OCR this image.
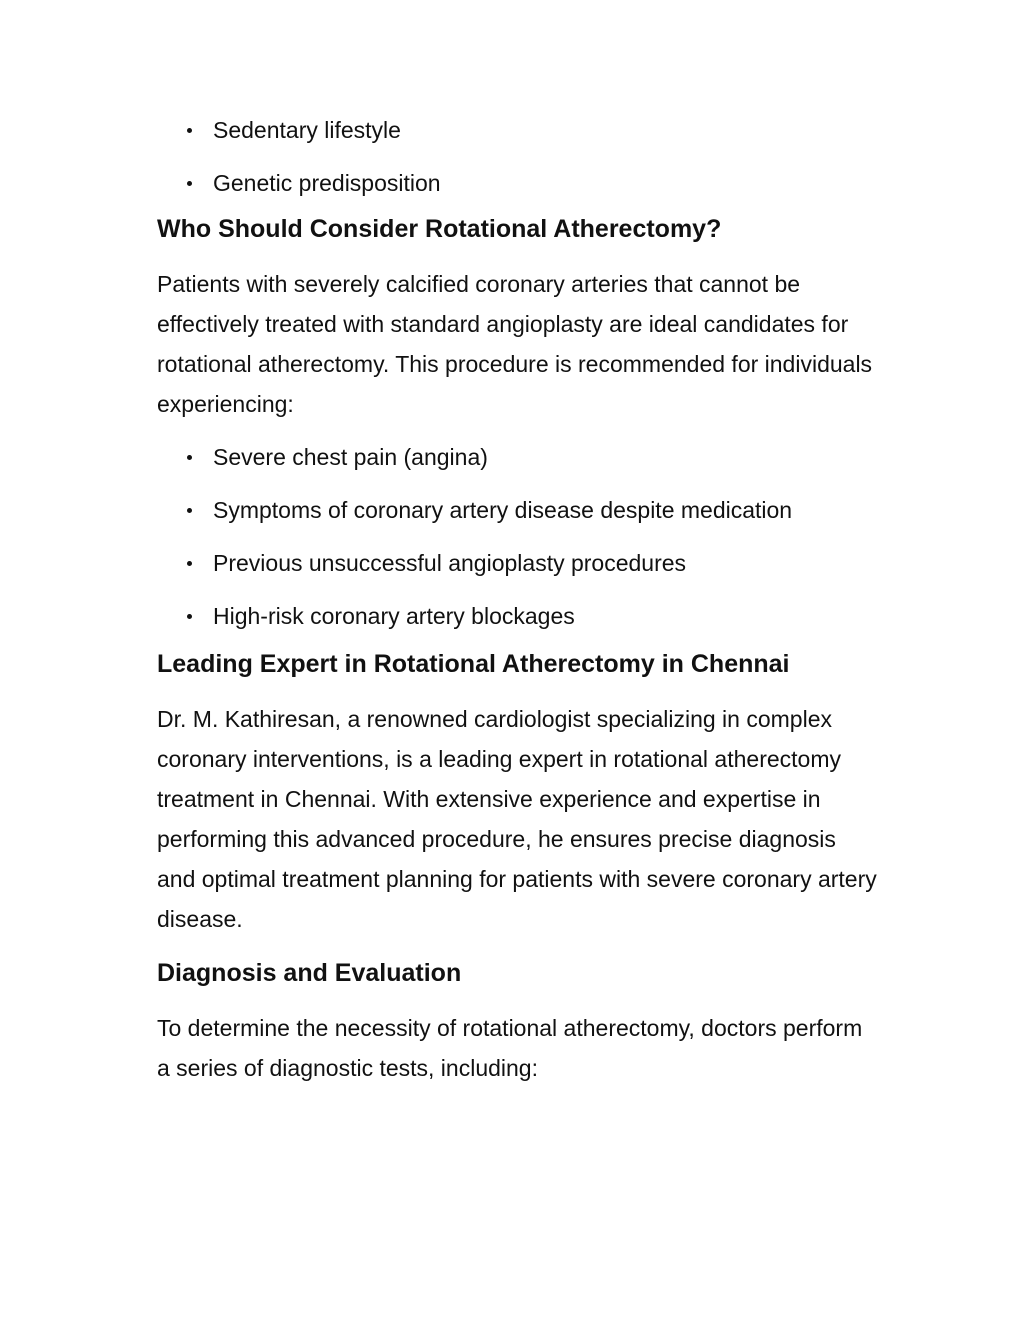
Sedentary lifestyle
Genetic predisposition
Who Should Consider Rotational Atherectomy?

Patients with severely calcified coronary arteries that cannot be effectively treated with standard angioplasty are ideal candidates for rotational atherectomy. This procedure is recommended for individuals experiencing:

Severe chest pain (angina)
Symptoms of coronary artery disease despite medication
Previous unsuccessful angioplasty procedures
High-risk coronary artery blockages
Leading Expert in Rotational Atherectomy in Chennai

Dr. M. Kathiresan, a renowned cardiologist specializing in complex coronary interventions, is a leading expert in rotational atherectomy treatment in Chennai. With extensive experience and expertise in performing this advanced procedure, he ensures precise diagnosis and optimal treatment planning for patients with severe coronary artery disease.

Diagnosis and Evaluation

To determine the necessity of rotational atherectomy, doctors perform a series of diagnostic tests, including:
